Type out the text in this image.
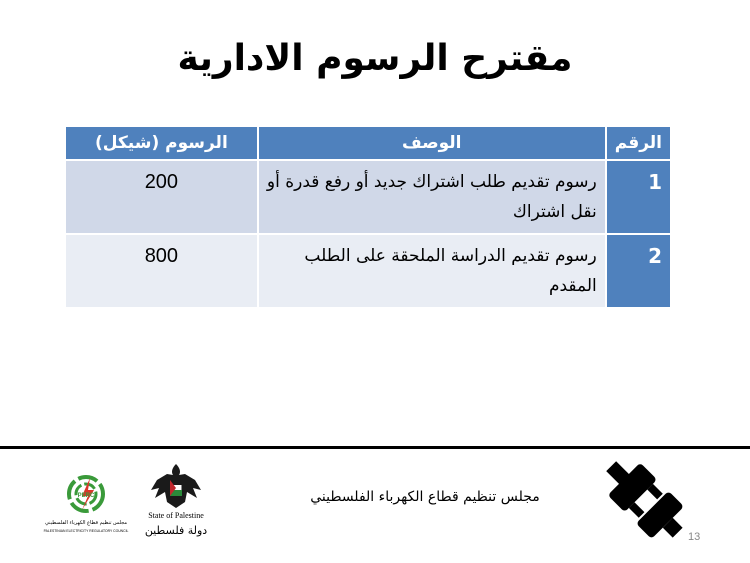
مقترح الرسوم الادارية
الرقم	الوصف	الرسوم (شيكل)
1	رسوم تقديم طلب اشتراك جديد أو رفع قدرة أو نقل اشتراك	200
2	رسوم تقديم الدراسة الملحقة على الطلب المقدم	800
PERC
مجلس تنظيم قطاع الكهرباء الفلسطيني
PALESTINIAN ELECTRICITY REGULATORY COUNCIL
State of Palestine
دولة فلسطين
مجلس تنظيم قطاع الكهرباء الفلسطيني
13
